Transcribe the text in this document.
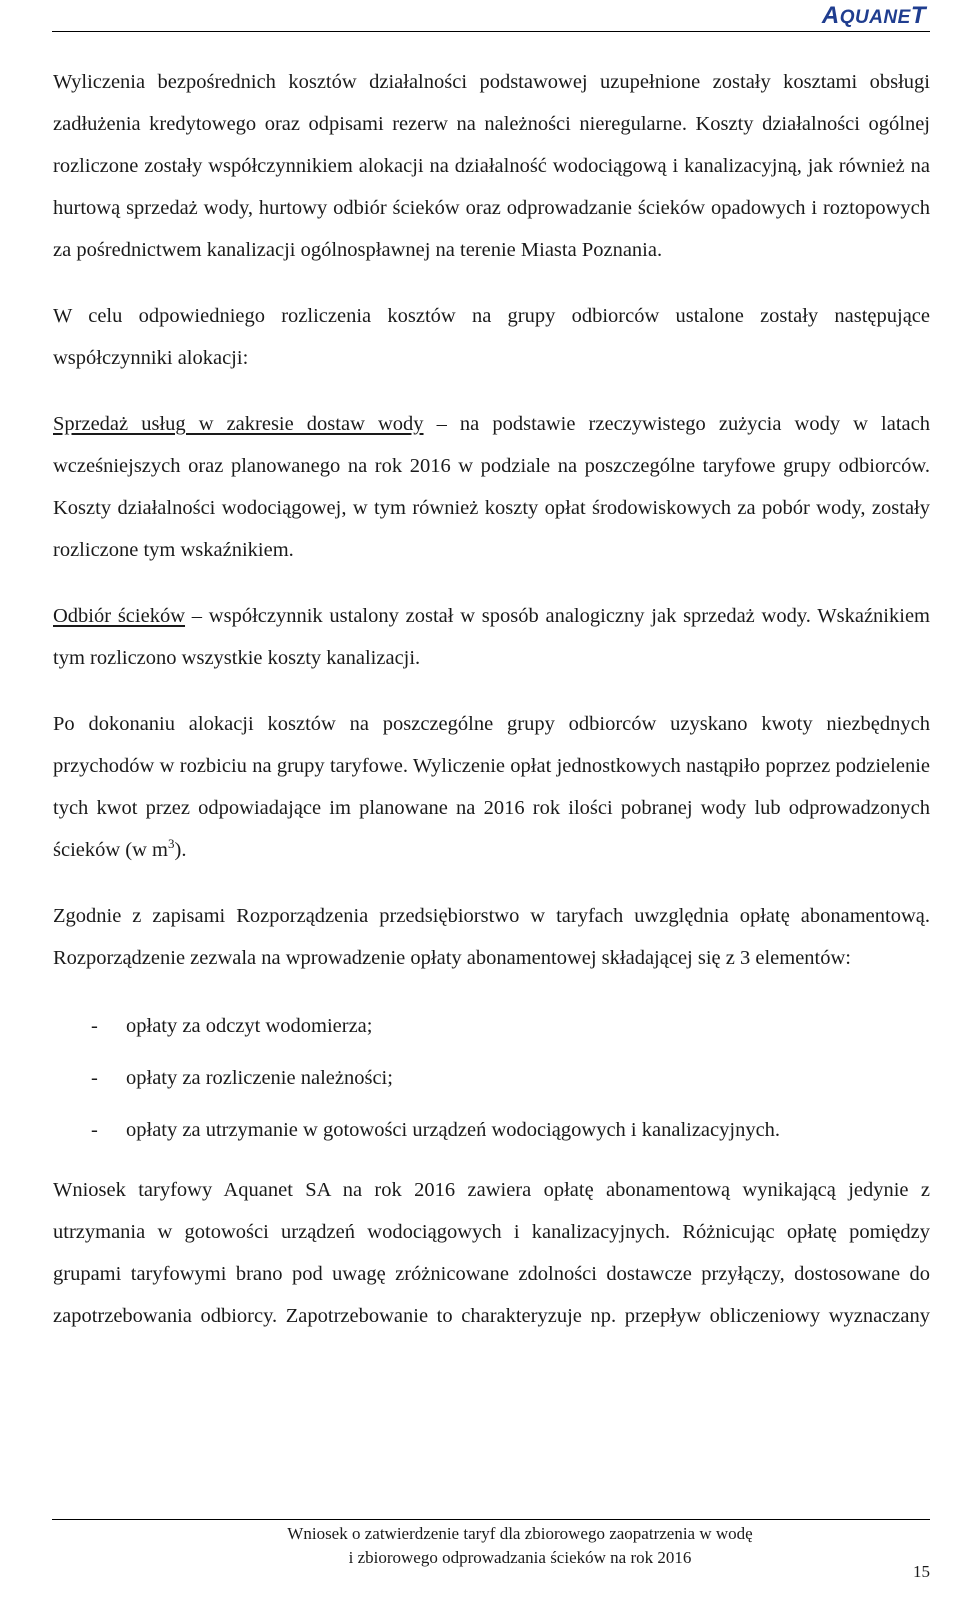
A Q UANE T

Wyliczenia bezpośrednich kosztów działalności podstawowej uzupełnione zostały kosztami obsługi zadłużenia kredytowego oraz odpisami rezerw na należności nieregularne. Koszty działalności ogólnej rozliczone zostały współczynnikiem alokacji na działalność wodociągową i kanalizacyjną, jak również na hurtową sprzedaż wody, hurtowy odbiór ścieków oraz odprowadzanie ścieków opadowych i roztopowych za pośrednictwem kanalizacji ogólnospławnej na terenie Miasta Poznania.

W celu odpowiedniego rozliczenia kosztów na grupy odbiorców ustalone zostały następujące współczynniki alokacji:

Sprzedaż usług w zakresie dostaw wody – na podstawie rzeczywistego zużycia wody w latach wcześniejszych oraz planowanego na rok 2016 w podziale na poszczególne taryfowe grupy odbiorców. Koszty działalności wodociągowej, w tym również koszty opłat środowiskowych za pobór wody, zostały rozliczone tym wskaźnikiem.

Odbiór ścieków – współczynnik ustalony został w sposób analogiczny jak sprzedaż wody. Wskaźnikiem tym rozliczono wszystkie koszty kanalizacji.

Po dokonaniu alokacji kosztów na poszczególne grupy odbiorców uzyskano kwoty niezbędnych przychodów w rozbiciu na grupy taryfowe. Wyliczenie opłat jednostkowych nastąpiło poprzez podzielenie tych kwot przez odpowiadające im planowane na 2016 rok ilości pobranej wody lub odprowadzonych ścieków (w $m^3$).

Zgodnie z zapisami Rozporządzenia przedsiębiorstwo w taryfach uwzględnia opłatę abonamentową. Rozporządzenie zezwala na wprowadzenie opłaty abonamentowej składającej się z 3 elementów:

-	opłaty za odczyt wodomierza;
-	opłaty za rozliczenie należności;
-	opłaty za utrzymanie w gotowości urządzeń wodociągowych i kanalizacyjnych.

Wniosek taryfowy Aquanet SA na rok 2016 zawiera opłatę abonamentową wynikającą jedynie z utrzymania w gotowości urządzeń wodociągowych i kanalizacyjnych. Różnicując opłatę pomiędzy grupami taryfowymi brano pod uwagę zróżnicowane zdolności dostawcze przyłączy, dostosowane do zapotrzebowania odbiorcy. Zapotrzebowanie to charakteryzuje np. przepływ obliczeniowy wyznaczany

Wniosek o zatwierdzenie taryf dla zbiorowego zaopatrzenia w wodę
i zbiorowego odprowadzania ścieków na rok 2016
15
